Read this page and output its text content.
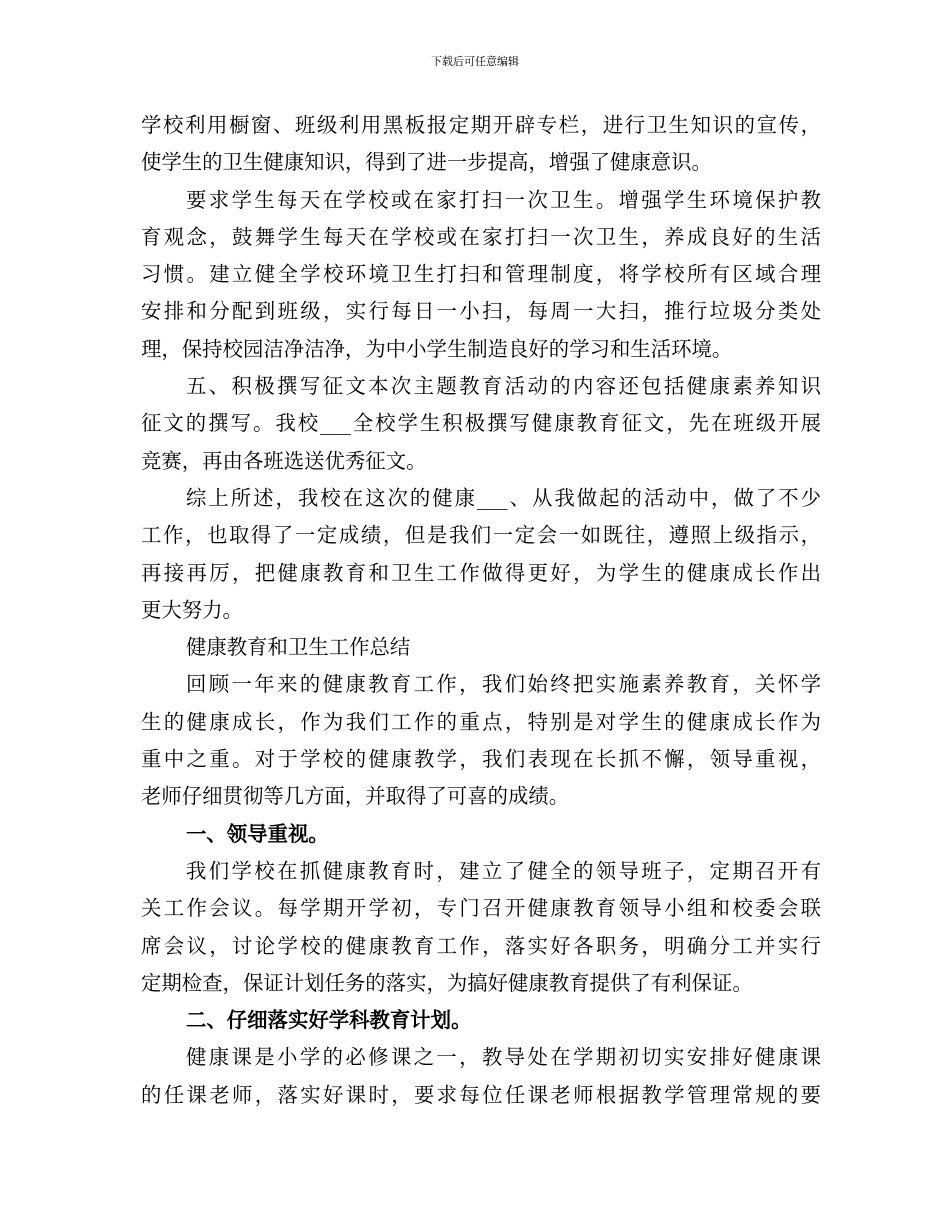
下载后可任意编辑
学校利用橱窗、班级利用黑板报定期开辟专栏，进行卫生知识的宣传，
使学生的卫生健康知识，得到了进一步提高，增强了健康意识。
要求学生每天在学校或在家打扫一次卫生。增强学生环境保护教
育观念，鼓舞学生每天在学校或在家打扫一次卫生，养成良好的生活
习惯。建立健全学校环境卫生打扫和管理制度，将学校所有区域合理
安排和分配到班级，实行每日一小扫，每周一大扫，推行垃圾分类处
理，保持校园洁净洁净，为中小学生制造良好的学习和生活环境。
五、积极撰写征文本次主题教育活动的内容还包括健康素养知识
征文的撰写。我校___全校学生积极撰写健康教育征文，先在班级开展
竞赛，再由各班选送优秀征文。
综上所述，我校在这次的健康___、从我做起的活动中，做了不少
工作，也取得了一定成绩，但是我们一定会一如既往，遵照上级指示，
再接再厉，把健康教育和卫生工作做得更好，为学生的健康成长作出
更大努力。
健康教育和卫生工作总结
回顾一年来的健康教育工作，我们始终把实施素养教育，关怀学
生的健康成长，作为我们工作的重点，特别是对学生的健康成长作为
重中之重。对于学校的健康教学，我们表现在长抓不懈，领导重视，
老师仔细贯彻等几方面，并取得了可喜的成绩。
一、领导重视。
我们学校在抓健康教育时，建立了健全的领导班子，定期召开有
关工作会议。每学期开学初，专门召开健康教育领导小组和校委会联
席会议，讨论学校的健康教育工作，落实好各职务，明确分工并实行
定期检查，保证计划任务的落实，为搞好健康教育提供了有利保证。
二、仔细落实好学科教育计划。
健康课是小学的必修课之一，教导处在学期初切实安排好健康课
的任课老师，落实好课时，要求每位任课老师根据教学管理常规的要
